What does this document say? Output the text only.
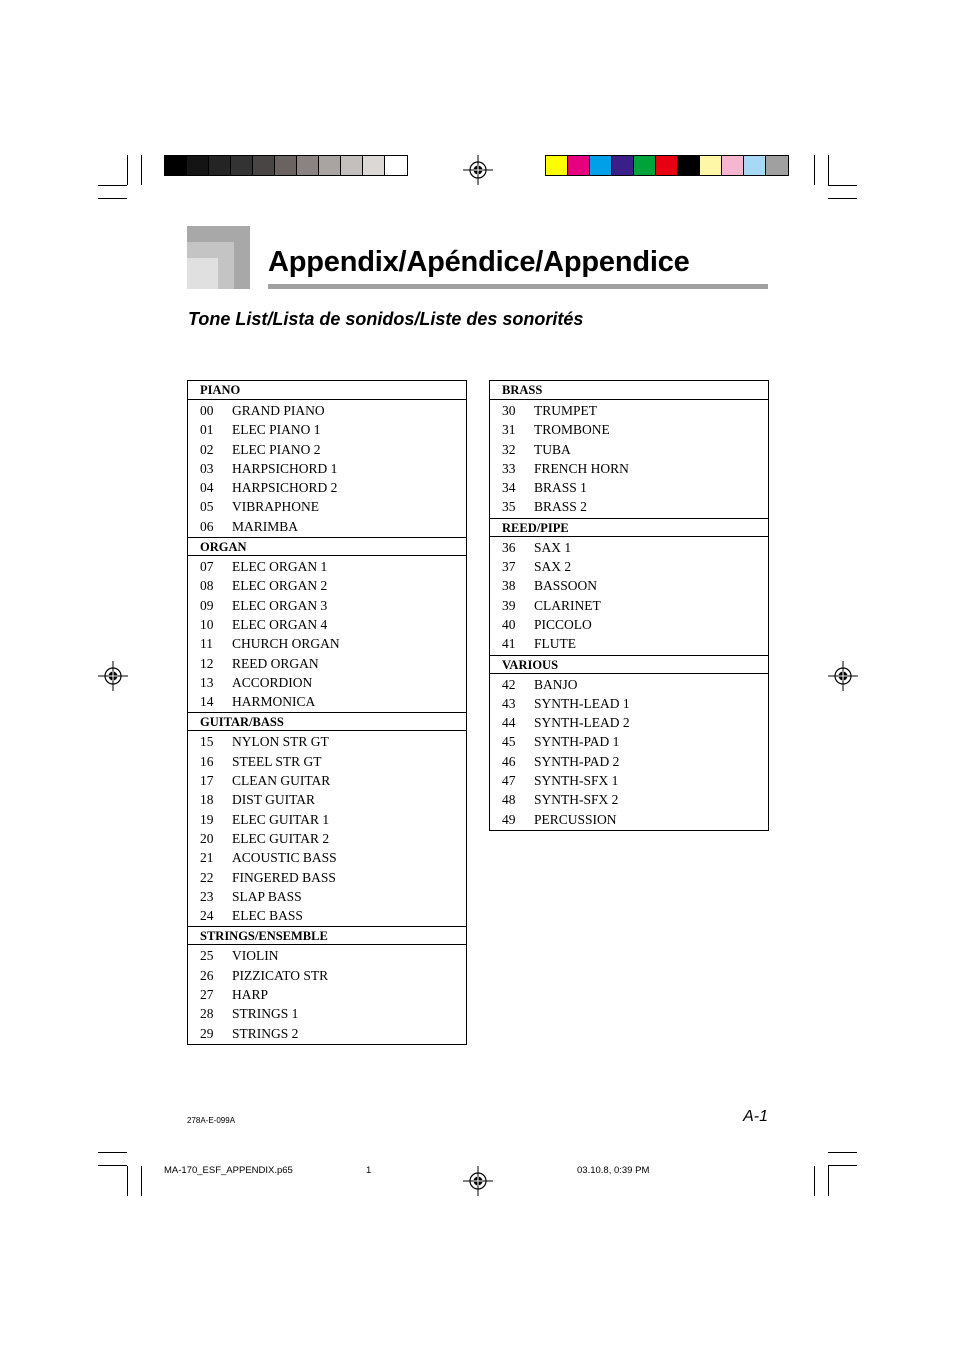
Appendix/Apéndice/Appendice
Tone List/Lista de sonidos/Liste des sonorités
PIANO
00 GRAND PIANO
01 ELEC PIANO 1
02 ELEC PIANO 2
03 HARPSICHORD 1
04 HARPSICHORD 2
05 VIBRAPHONE
06 MARIMBA
ORGAN
07 ELEC ORGAN 1
08 ELEC ORGAN 2
09 ELEC ORGAN 3
10 ELEC ORGAN 4
11 CHURCH ORGAN
12 REED ORGAN
13 ACCORDION
14 HARMONICA
GUITAR/BASS
15 NYLON STR GT
16 STEEL STR GT
17 CLEAN GUITAR
18 DIST GUITAR
19 ELEC GUITAR 1
20 ELEC GUITAR 2
21 ACOUSTIC BASS
22 FINGERED BASS
23 SLAP BASS
24 ELEC BASS
STRINGS/ENSEMBLE
25 VIOLIN
26 PIZZICATO STR
27 HARP
28 STRINGS 1
29 STRINGS 2
BRASS
30 TRUMPET
31 TROMBONE
32 TUBA
33 FRENCH HORN
34 BRASS 1
35 BRASS 2
REED/PIPE
36 SAX 1
37 SAX 2
38 BASSOON
39 CLARINET
40 PICCOLO
41 FLUTE
VARIOUS
42 BANJO
43 SYNTH-LEAD 1
44 SYNTH-LEAD 2
45 SYNTH-PAD 1
46 SYNTH-PAD 2
47 SYNTH-SFX 1
48 SYNTH-SFX 2
49 PERCUSSION
278A-E-099A	A-1
MA-170_ESF_APPENDIX.p65	1	03.10.8, 0:39 PM
